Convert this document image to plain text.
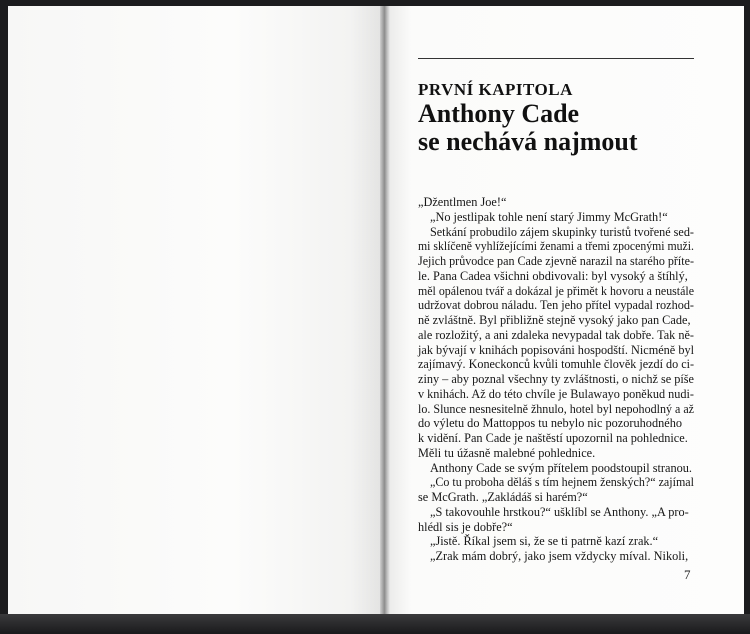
PRVNÍ KAPITOLA
Anthony Cade
se nechává najmout
„Džentlmen Joe!“
„No jestlipak tohle není starý Jimmy McGrath!“
Setkání probudilo zájem skupinky turistů tvořené sed-
mi sklíčeně vyhlížejícími ženami a třemi zpocenými muži.
Jejich průvodce pan Cade zjevně narazil na starého příte-
le. Pana Cadea všichni obdivovali: byl vysoký a štíhlý,
měl opálenou tvář a dokázal je přimět k hovoru a neustále
udržovat dobrou náladu. Ten jeho přítel vypadal rozhod-
ně zvláštně. Byl přibližně stejně vysoký jako pan Cade,
ale rozložitý, a ani zdaleka nevypadal tak dobře. Tak ně-
jak bývají v knihách popisováni hospodští. Nicméně byl
zajímavý. Koneckonců kvůli tomuhle člověk jezdí do ci-
ziny – aby poznal všechny ty zvláštnosti, o nichž se píše
v knihách. Až do této chvíle je Bulawayo poněkud nudi-
lo. Slunce nesnesitelně žhnulo, hotel byl nepohodlný a až
do výletu do Mattoppos tu nebylo nic pozoruhodného
k vidění. Pan Cade je naštěstí upozornil na pohlednice.
Měli tu úžasně malebné pohlednice.
Anthony Cade se svým přítelem poodstoupil stranou.
„Co tu proboha děláš s tím hejnem ženských?“ zajímal
se McGrath. „Zakládáš si harém?“
„S takovouhle hrstkou?“ ušklíbl se Anthony. „A pro-
hlédl sis je dobře?“
„Jistě. Říkal jsem si, že se ti patrně kazí zrak.“
„Zrak mám dobrý, jako jsem vždycky míval. Nikoli,
7
